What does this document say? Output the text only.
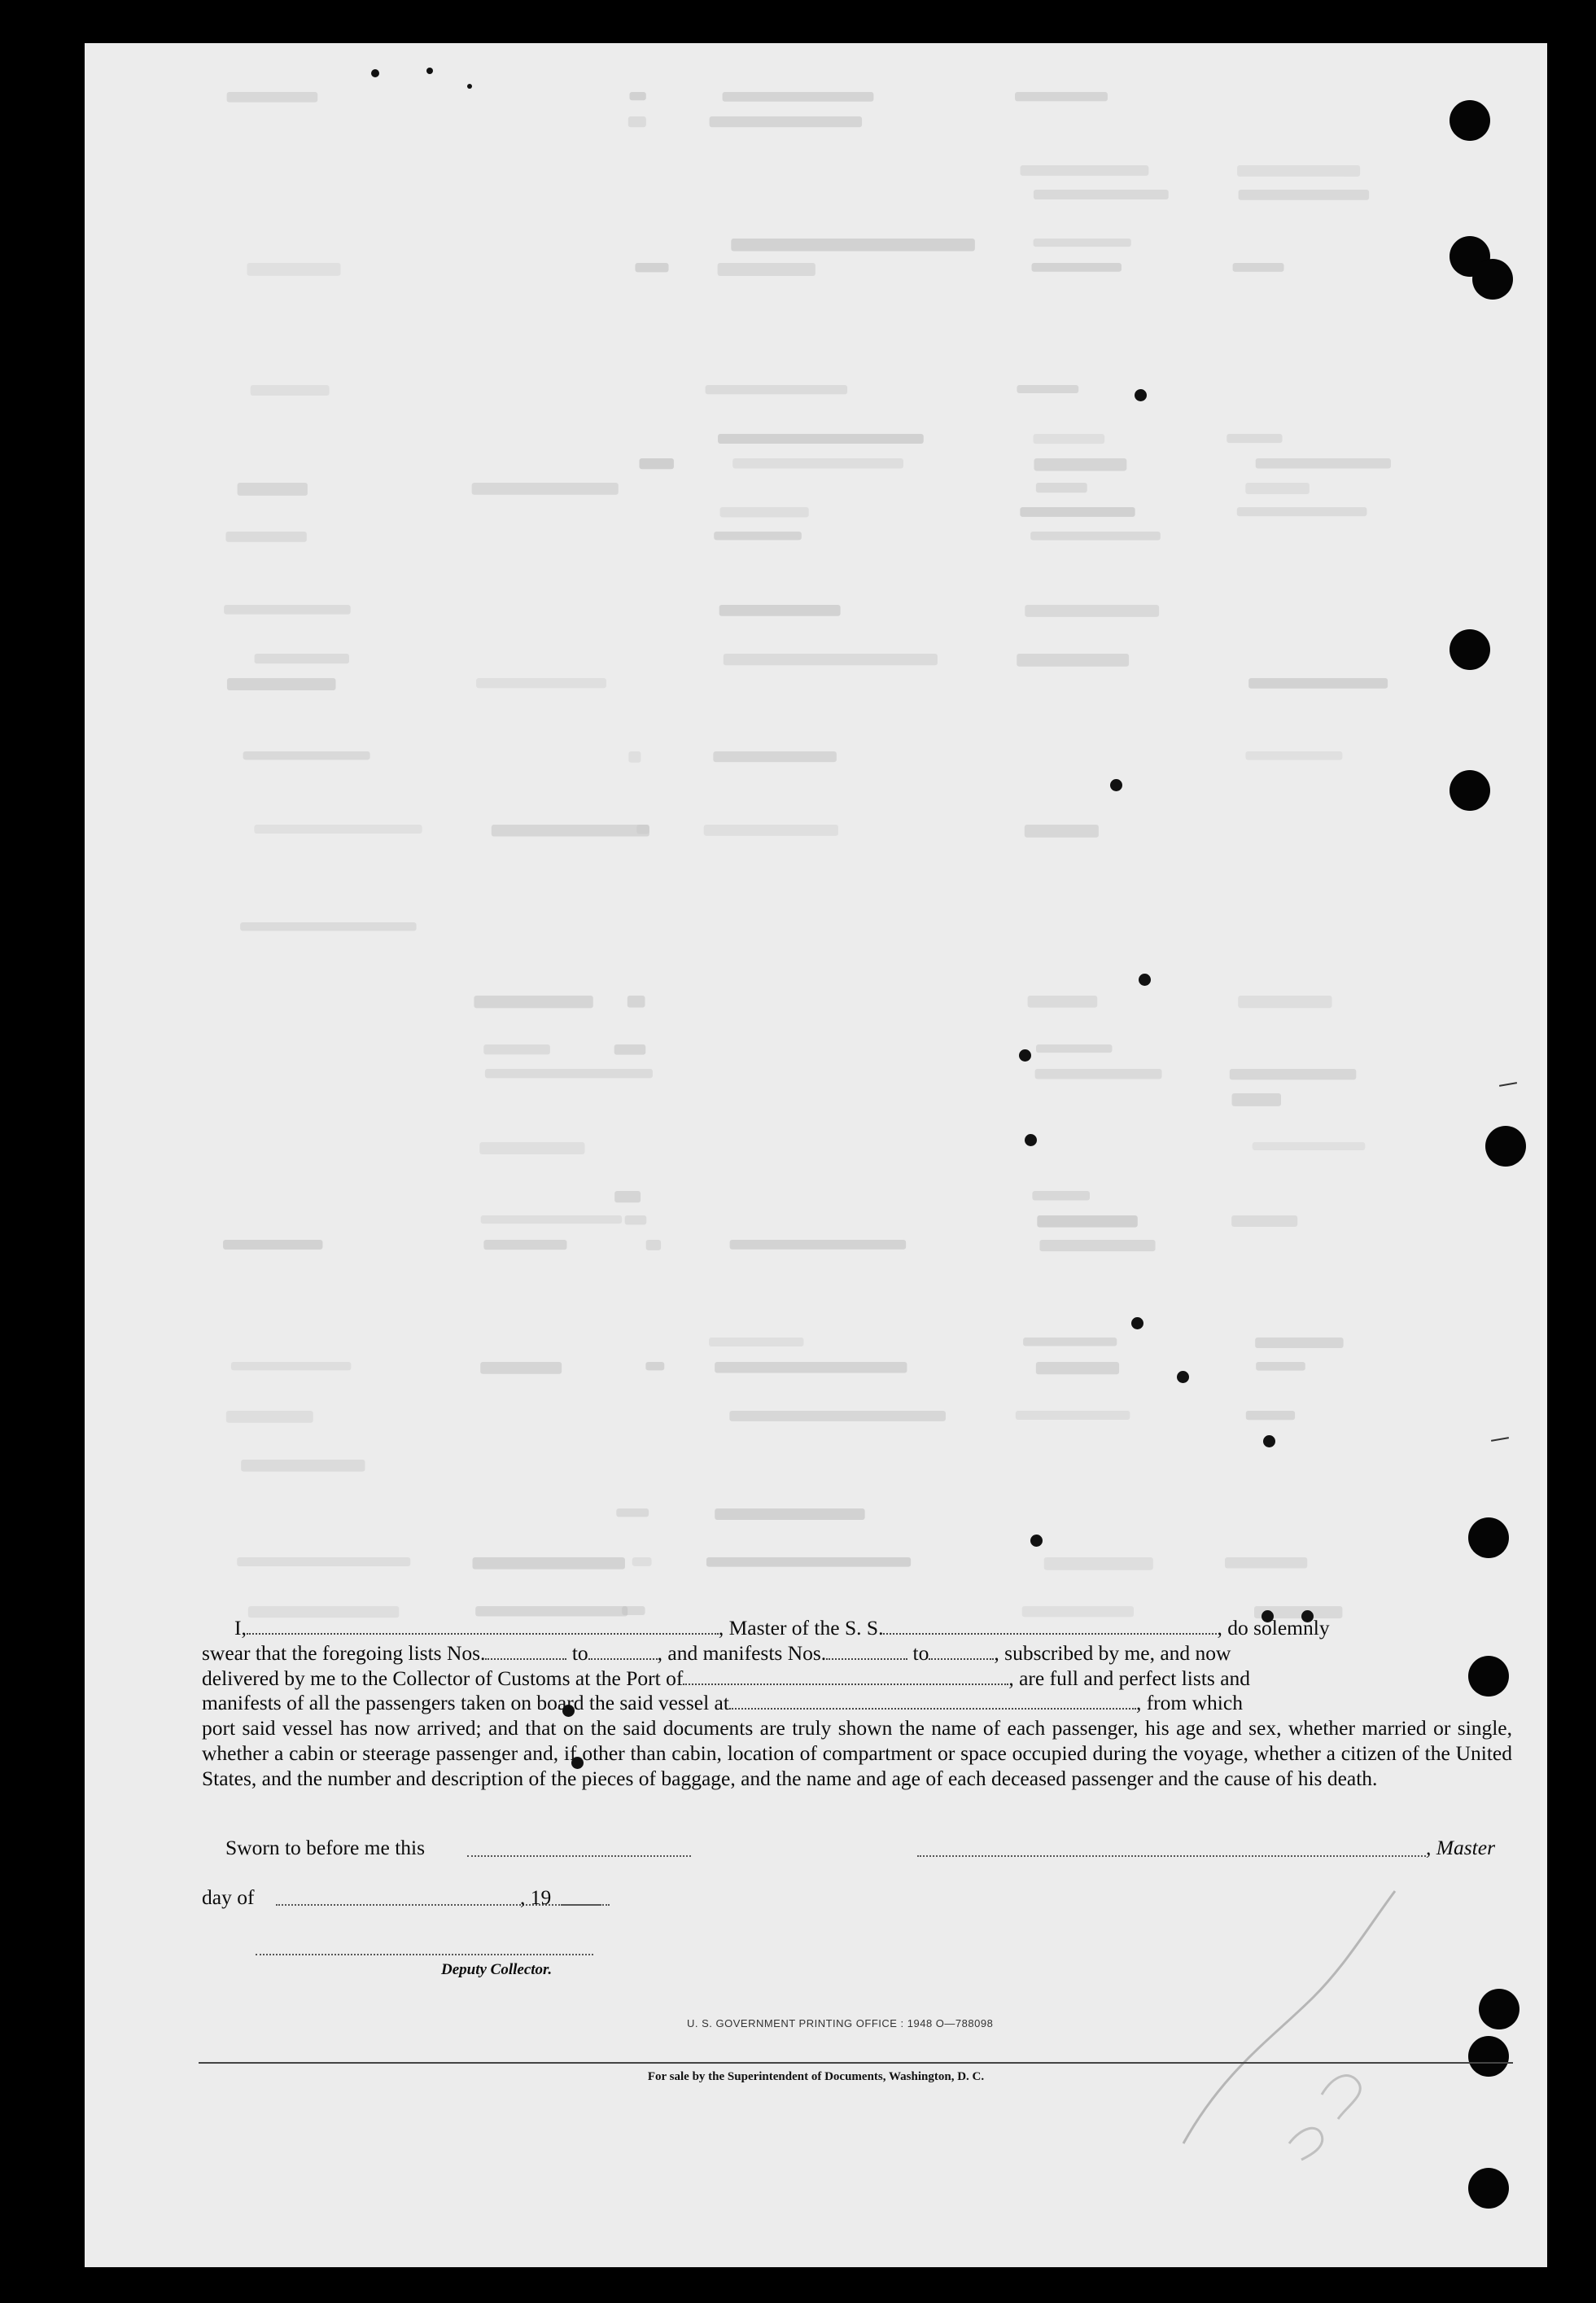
I,	, Master of the S. S.	, do solemnly

swear that the foregoing lists Nos.	to	, and manifests Nos.	to	, subscribed by me, and now

delivered by me to the Collector of Customs at the Port of	, are full and perfect lists and

manifests of all the passengers taken on board the said vessel at	, from which

port said vessel has now arrived; and that on the said documents are truly shown the name of each passenger, his age and sex, whether married or single, whether a cabin or steerage passenger and, if other than cabin, location of compartment or space occupied during the voyage, whether a citizen of the United States, and the number and description of the pieces of baggage, and the name and age of each deceased passenger and the cause of his death.

Sworn to before me this	, Master
day of	, 19
Deputy Collector.
U. S. GOVERNMENT PRINTING OFFICE : 1948 O—788098
For sale by the Superintendent of Documents, Washington, D. C.
